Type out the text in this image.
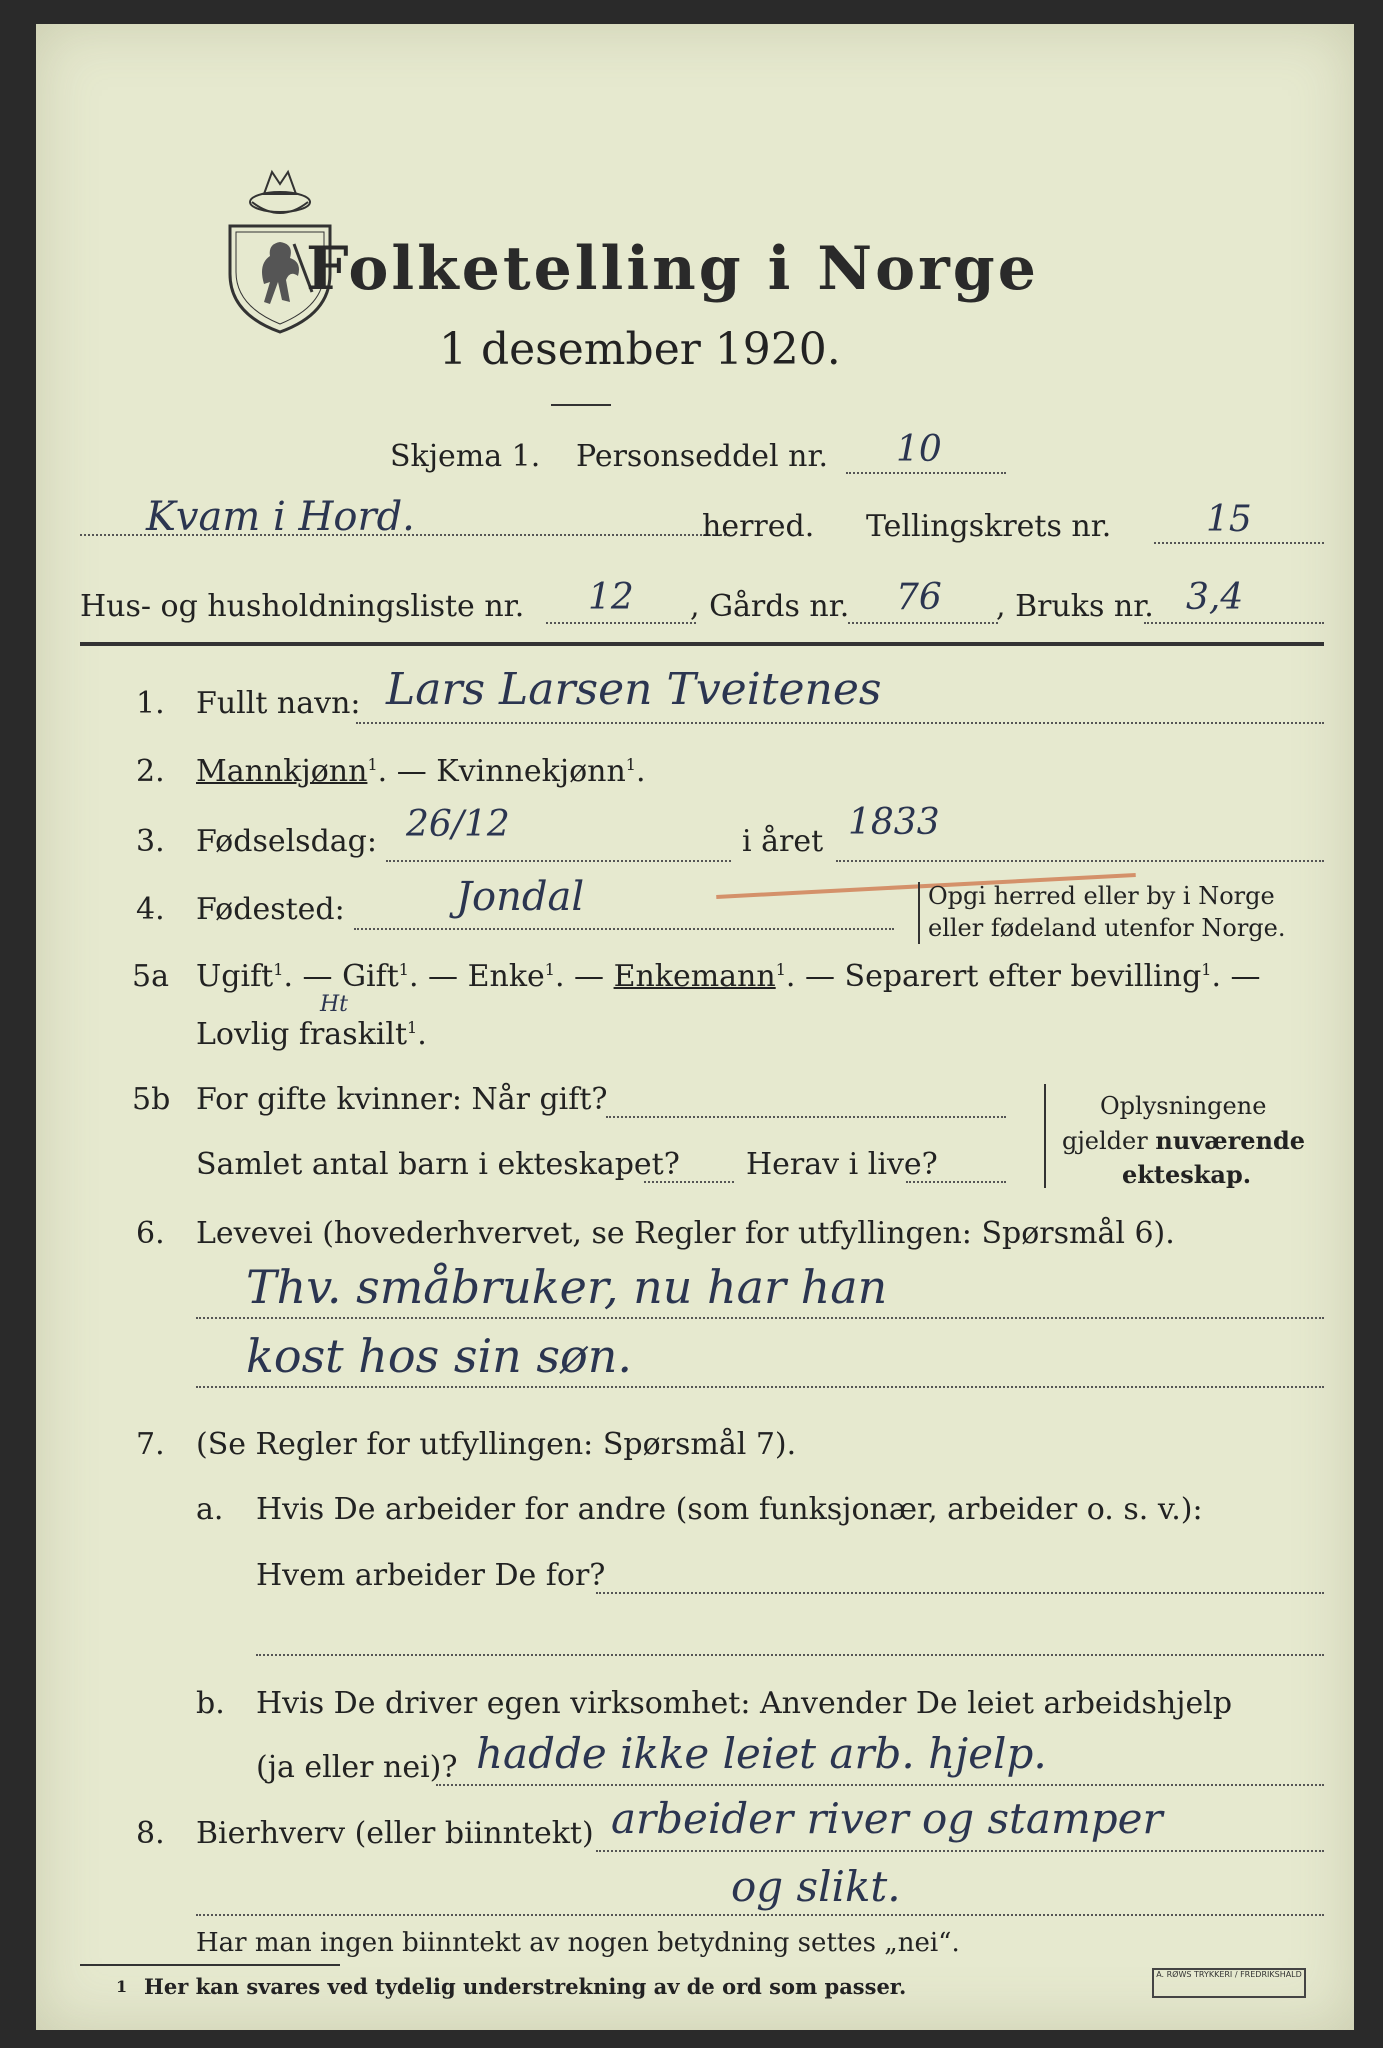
Folketelling i Norge
1 desember 1920.
Skjema 1. Personseddel nr. 10
Kvam i Hord.	herred. Tellingskrets nr.	15
Hus- og husholdningsliste nr. 12 , Gårds nr. 76 , Bruks nr. 3,4
1. Fullt navn: Lars Larsen Tveitenes
2. Mannkjønn$^1$. — Kvinnekjønn$^1$.
3. Fødselsdag: 26/12	i året 1833
4. Fødested:	Jondal	Opgi herred eller by i Norge
eller fødeland utenfor Norge.
5a Ugift$^1$. — Gift$^1$. — Enke$^1$. — Enkemann$^1$. — Separert efter bevilling$^1$. —
Ht
Lovlig fraskilt$^1$.
5b For gifte kvinner: Når gift?
Samlet antal barn i ekteskapet? Herav i live?
Oplysningene
gjelder nuværende
ekteskap.
6. Levevei (hovederhvervet, se Regler for utfyllingen: Spørsmål 6).
Thv. småbruker, nu har han
kost hos sin søn.
7. (Se Regler for utfyllingen: Spørsmål 7).
a. Hvis De arbeider for andre (som funksjonær, arbeider o. s. v.):
Hvem arbeider De for?
b. Hvis De driver egen virksomhet: Anvender De leiet arbeidshjelp
(ja eller nei)? hadde ikke leiet arb. hjelp.
8. Bierhverv (eller biinntekt) arbeider river og stamper
og slikt.
Har man ingen biinntekt av nogen betydning settes „nei“.
1 Her kan svares ved tydelig understrekning av de ord som passer.	A. RØWS TRYKKERI / FREDRIKSHALD
